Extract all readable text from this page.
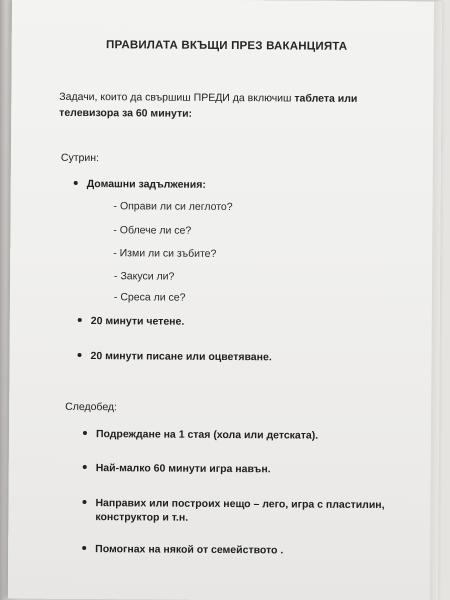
ПРАВИЛАТА ВКЪЩИ ПРЕЗ ВАКАНЦИЯТА
Задачи, които да свършиш ПРЕДИ да включиш таблета или
телевизора за 60 минути:
Сутрин:
Домашни задължения:
- Оправи ли си леглото?
- Облече ли се?
- Изми ли си зъбите?
- Закуси ли?
- Среса ли се?
20 минути четене.
20 минути писане или оцветяване.
Следобед:
Подреждане на 1 стая (хола или детската).
Най-малко 60 минути игра навън.
Направих или построих нещо – лего, игра с пластилин,
конструктор и т.н.
Помогнах на някой от семейството .
